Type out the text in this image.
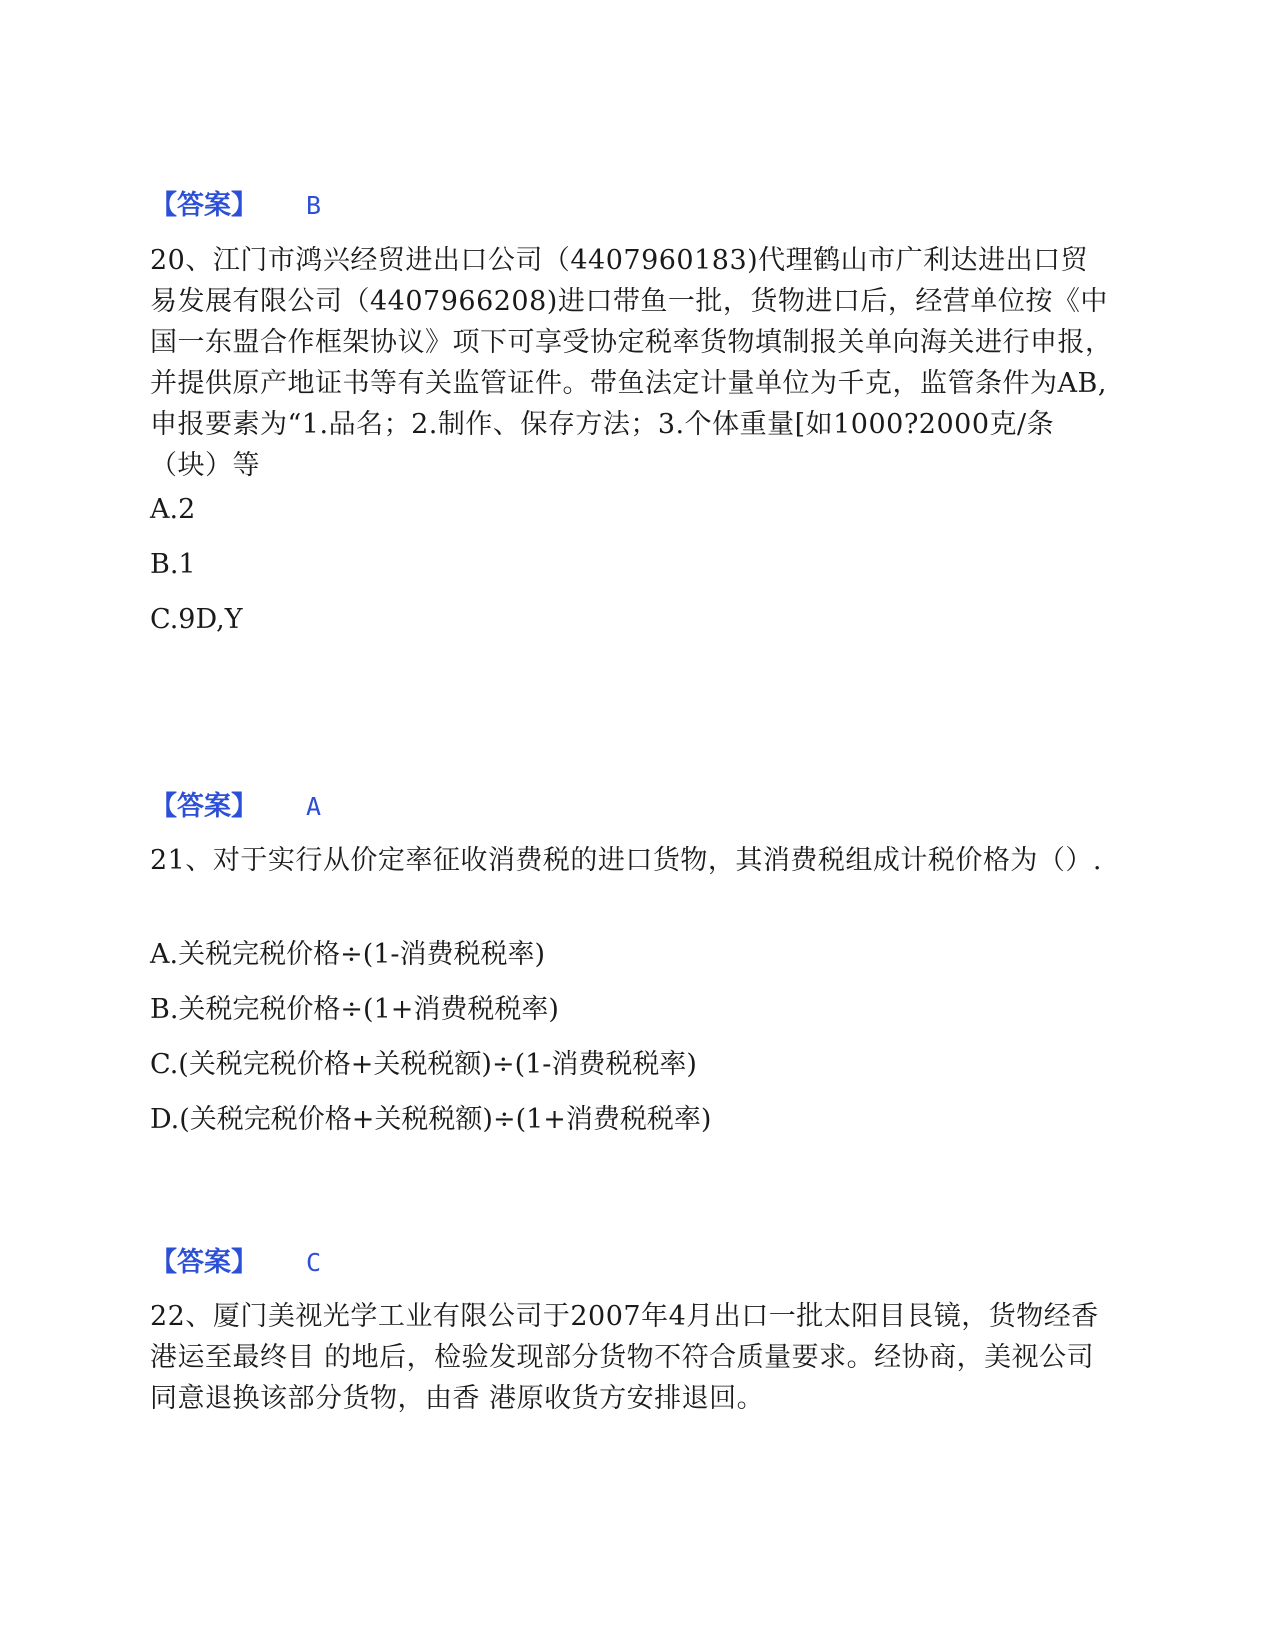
【答案】 B
20、江门市鸿兴经贸进出口公司（4407960183)代理鹤山市广利达进出口贸易发展有限公司（4407966208)进口带鱼一批，货物进口后，经营单位按《中国一东盟合作框架协议》项下可享受协定税率货物填制报关单向海关进行申报，并提供原产地证书等有关监管证件。带鱼法定计量单位为千克，监管条件为AB,申报要素为“1.品名；2.制作、保存方法；3.个体重量[如1000?2000克/条（块）等
A.2
B.1
C.9D,Y
【答案】 A
21、对于实行从价定率征收消费税的进口货物，其消费税组成计税价格为（）.
A.关税完税价格÷(1-消费税税率)
B.关税完税价格÷(1+消费税税率)
C.(关税完税价格+关税税额)÷(1-消费税税率)
D.(关税完税价格+关税税额)÷(1+消费税税率)
【答案】 C
22、厦门美视光学工业有限公司于2007年4月出口一批太阳目艮镜，货物经香港运至最终目 的地后，检验发现部分货物不符合质量要求。经协商，美视公司同意退换该部分货物，由香 港原收货方安排退回。
